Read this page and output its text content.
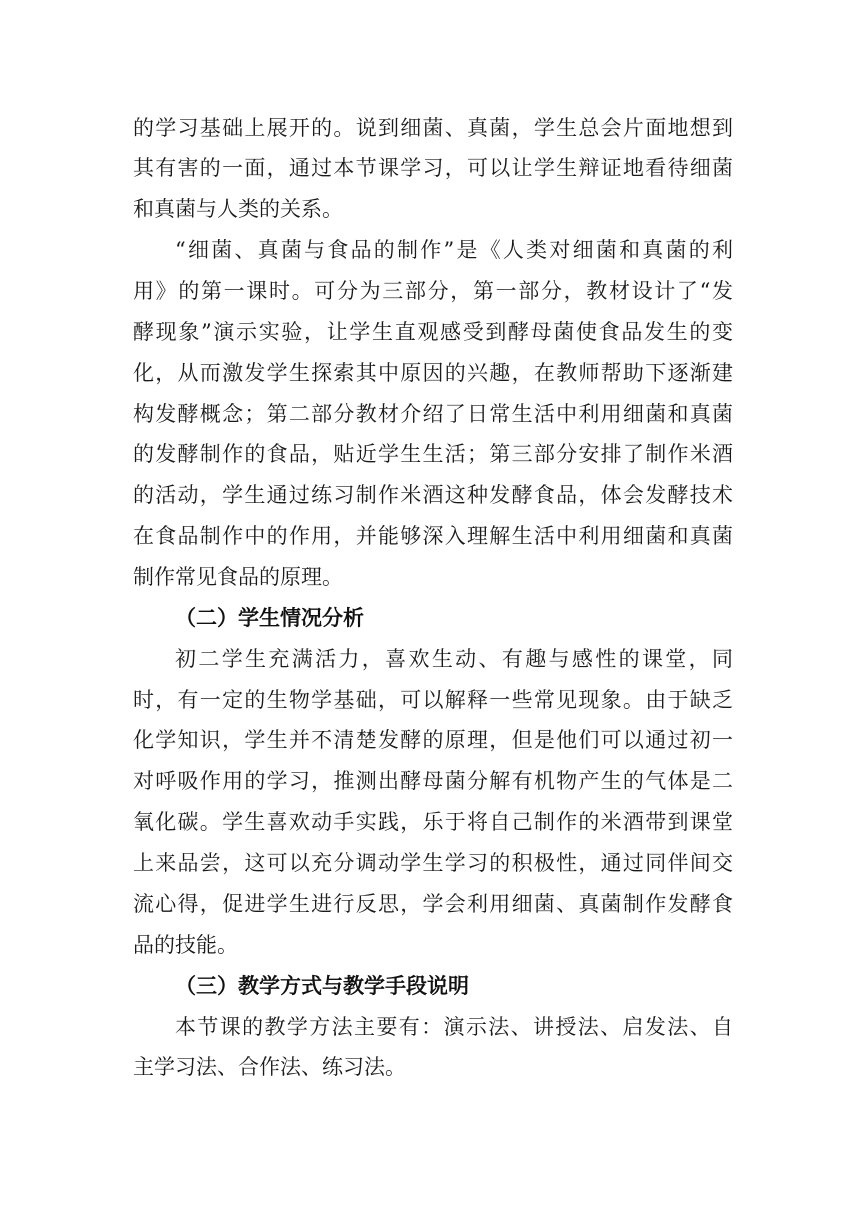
的学习基础上展开的。说到细菌、真菌，学生总会片面地想到
其有害的一面，通过本节课学习，可以让学生辩证地看待细菌
和真菌与人类的关系。
“细菌、真菌与食品的制作”是《人类对细菌和真菌的利
用》的第一课时。可分为三部分，第一部分，教材设计了“发
酵现象”演示实验，让学生直观感受到酵母菌使食品发生的变
化，从而激发学生探索其中原因的兴趣，在教师帮助下逐渐建
构发酵概念；第二部分教材介绍了日常生活中利用细菌和真菌
的发酵制作的食品，贴近学生生活；第三部分安排了制作米酒
的活动，学生通过练习制作米酒这种发酵食品，体会发酵技术
在食品制作中的作用，并能够深入理解生活中利用细菌和真菌
制作常见食品的原理。
（二）学生情况分析
初二学生充满活力，喜欢生动、有趣与感性的课堂，同
时，有一定的生物学基础，可以解释一些常见现象。由于缺乏
化学知识，学生并不清楚发酵的原理，但是他们可以通过初一
对呼吸作用的学习，推测出酵母菌分解有机物产生的气体是二
氧化碳。学生喜欢动手实践，乐于将自己制作的米酒带到课堂
上来品尝，这可以充分调动学生学习的积极性，通过同伴间交
流心得，促进学生进行反思，学会利用细菌、真菌制作发酵食
品的技能。
（三）教学方式与教学手段说明
本节课的教学方法主要有：演示法、讲授法、启发法、自
主学习法、合作法、练习法。
